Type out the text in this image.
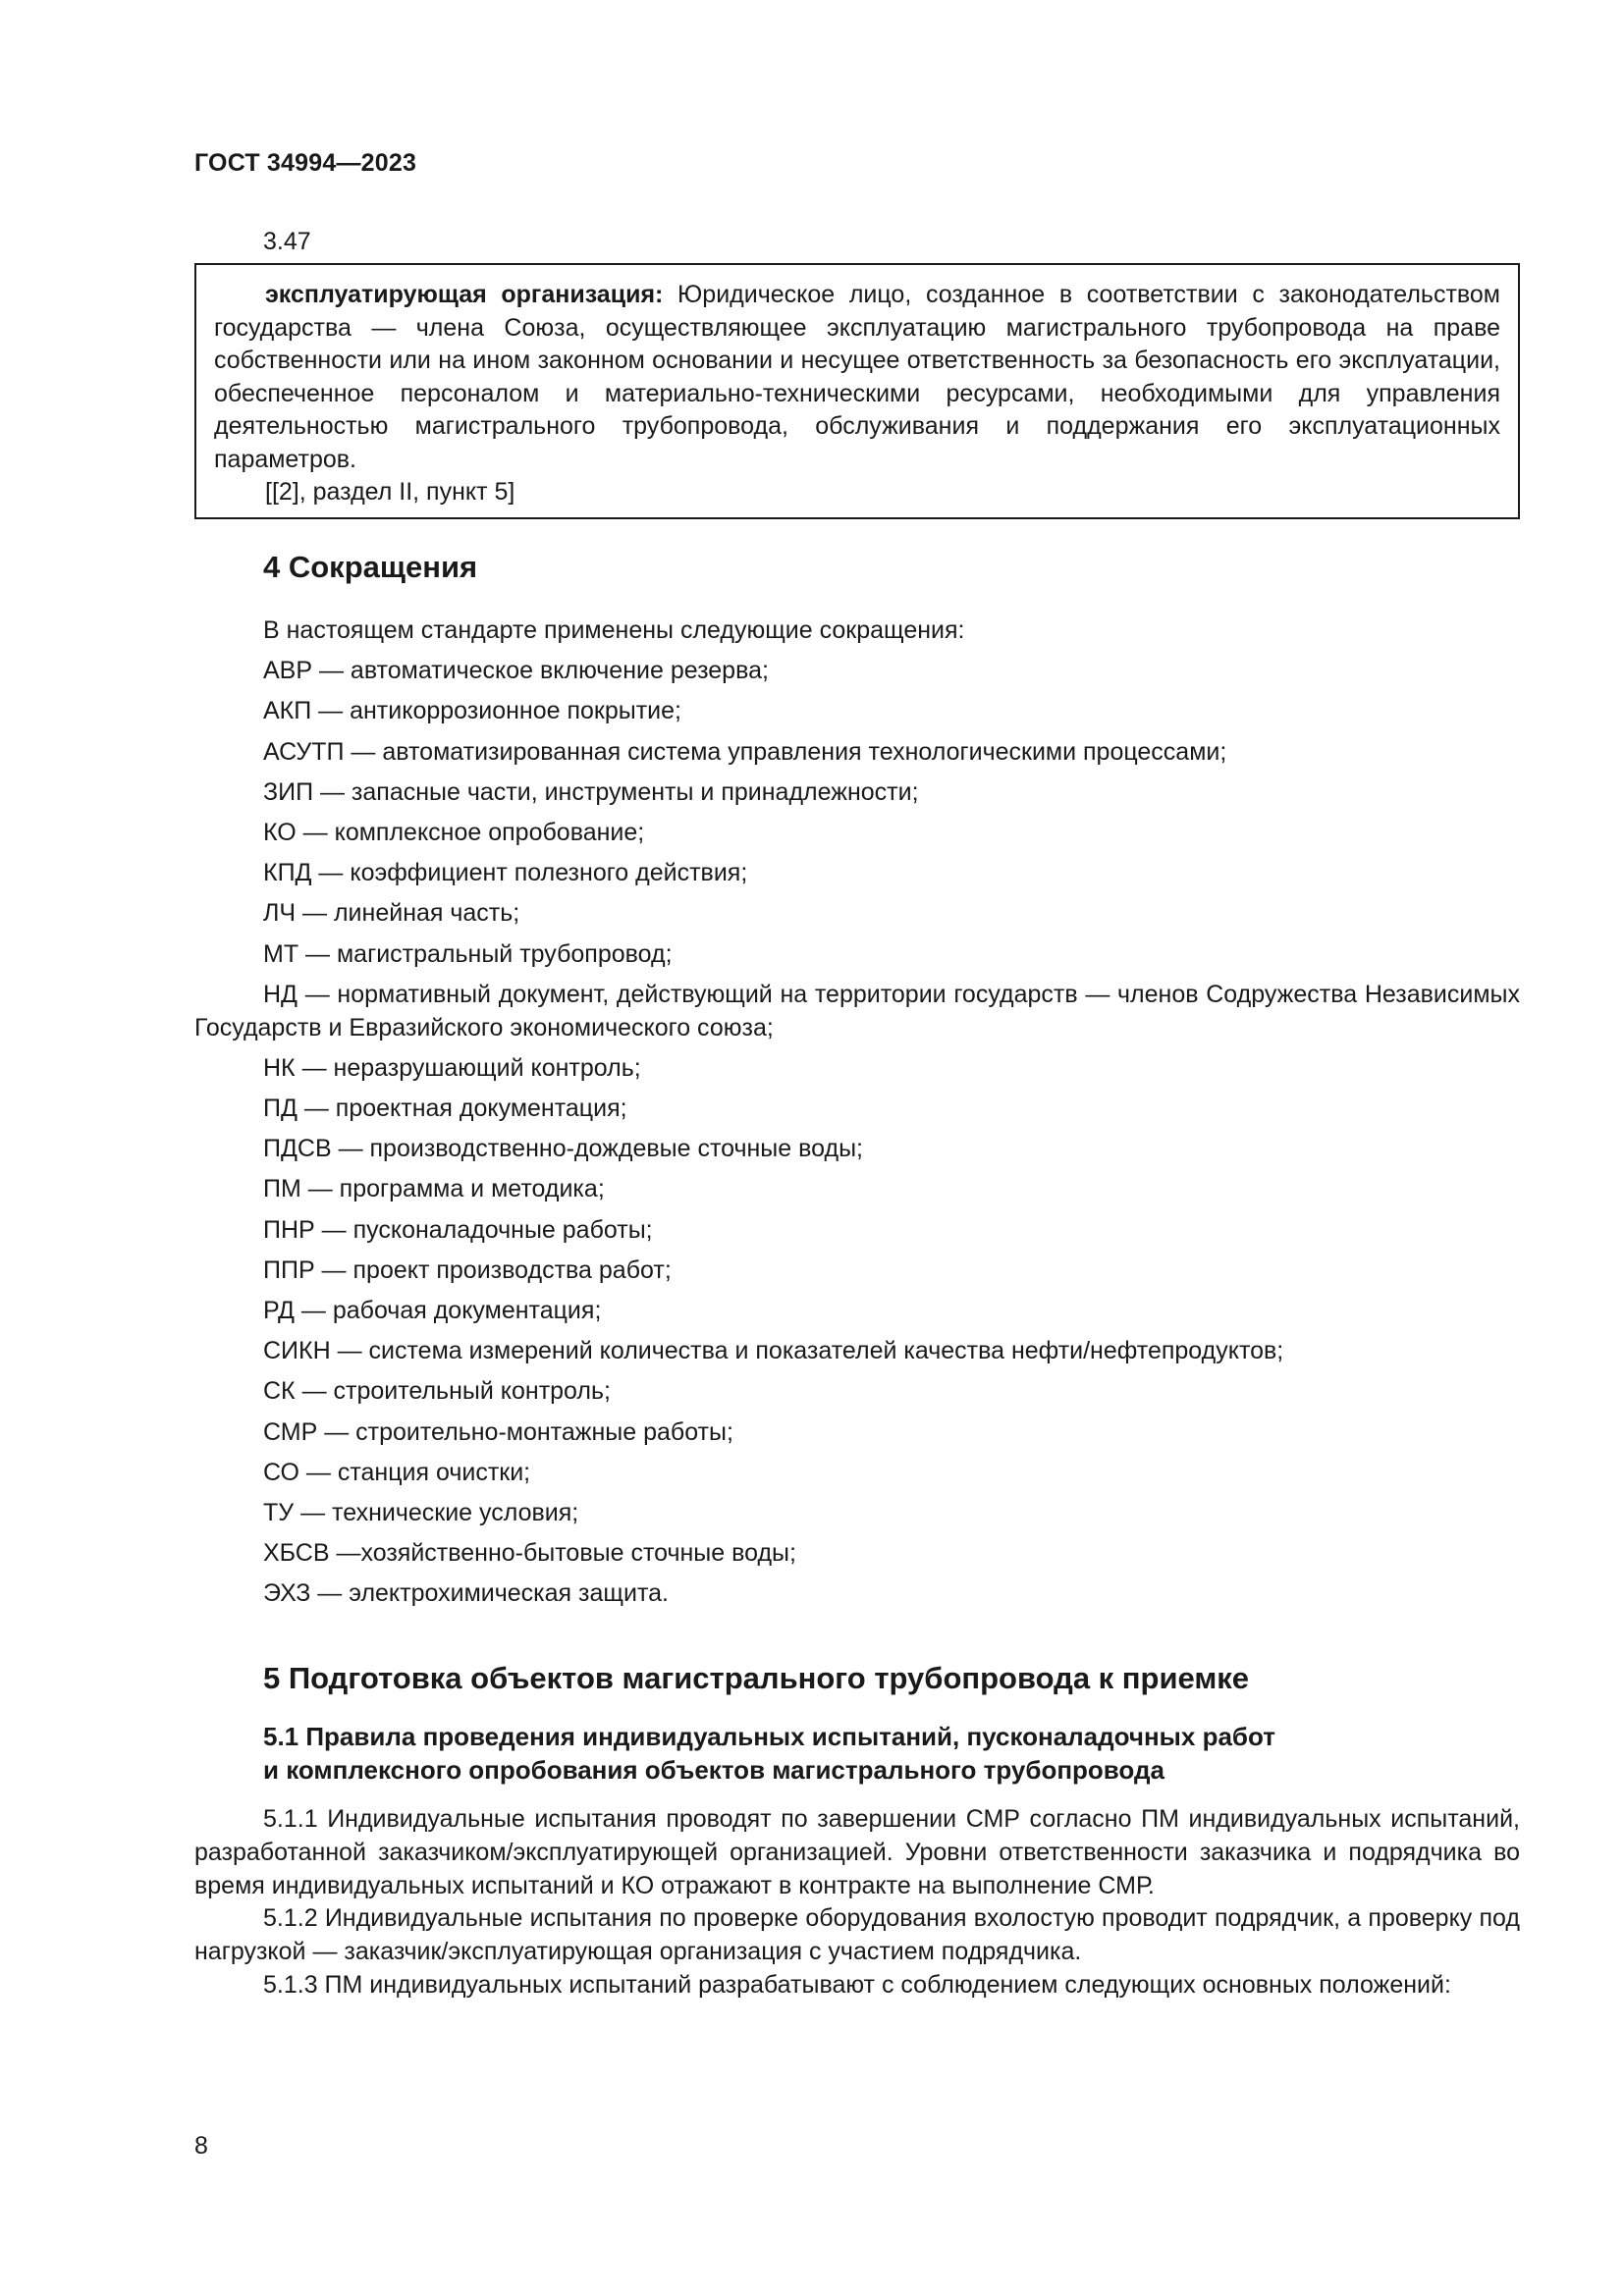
ГОСТ 34994—2023
3.47

эксплуатирующая организация: Юридическое лицо, созданное в соответствии с законодательством государства — члена Союза, осуществляющее эксплуатацию магистрального трубопровода на праве собственности или на ином законном основании и несущее ответственность за безопасность его эксплуатации, обеспеченное персоналом и материально-техническими ресурсами, необходимыми для управления деятельностью магистрального трубопровода, обслуживания и поддержания его эксплуатационных параметров.

[[2], раздел II, пункт 5]

4 Сокращения
В настоящем стандарте применены следующие сокращения:
АВР — автоматическое включение резерва;
АКП — антикоррозионное покрытие;
АСУТП — автоматизированная система управления технологическими процессами;
ЗИП — запасные части, инструменты и принадлежности;
КО — комплексное опробование;
КПД — коэффициент полезного действия;
ЛЧ — линейная часть;
МТ — магистральный трубопровод;
НД — нормативный документ, действующий на территории государств — членов Содружества Независимых Государств и Евразийского экономического союза;
НК — неразрушающий контроль;
ПД — проектная документация;
ПДСВ — производственно-дождевые сточные воды;
ПМ — программа и методика;
ПНР — пусконаладочные работы;
ППР — проект производства работ;
РД — рабочая документация;
СИКН — система измерений количества и показателей качества нефти/нефтепродуктов;
СК — строительный контроль;
СМР — строительно-монтажные работы;
СО — станция очистки;
ТУ — технические условия;
ХБСВ —хозяйственно-бытовые сточные воды;
ЭХЗ — электрохимическая защита.
5 Подготовка объектов магистрального трубопровода к приемке
5.1 Правила проведения индивидуальных испытаний, пусконаладочных работ
и комплексного опробования объектов магистрального трубопровода

5.1.1 Индивидуальные испытания проводят по завершении СМР согласно ПМ индивидуальных испытаний, разработанной заказчиком/эксплуатирующей организацией. Уровни ответственности заказчика и подрядчика во время индивидуальных испытаний и КО отражают в контракте на выполнение СМР.

5.1.2 Индивидуальные испытания по проверке оборудования вхолостую проводит подрядчик, а проверку под нагрузкой — заказчик/эксплуатирующая организация с участием подрядчика.

5.1.3 ПМ индивидуальных испытаний разрабатывают с соблюдением следующих основных положений:

8
